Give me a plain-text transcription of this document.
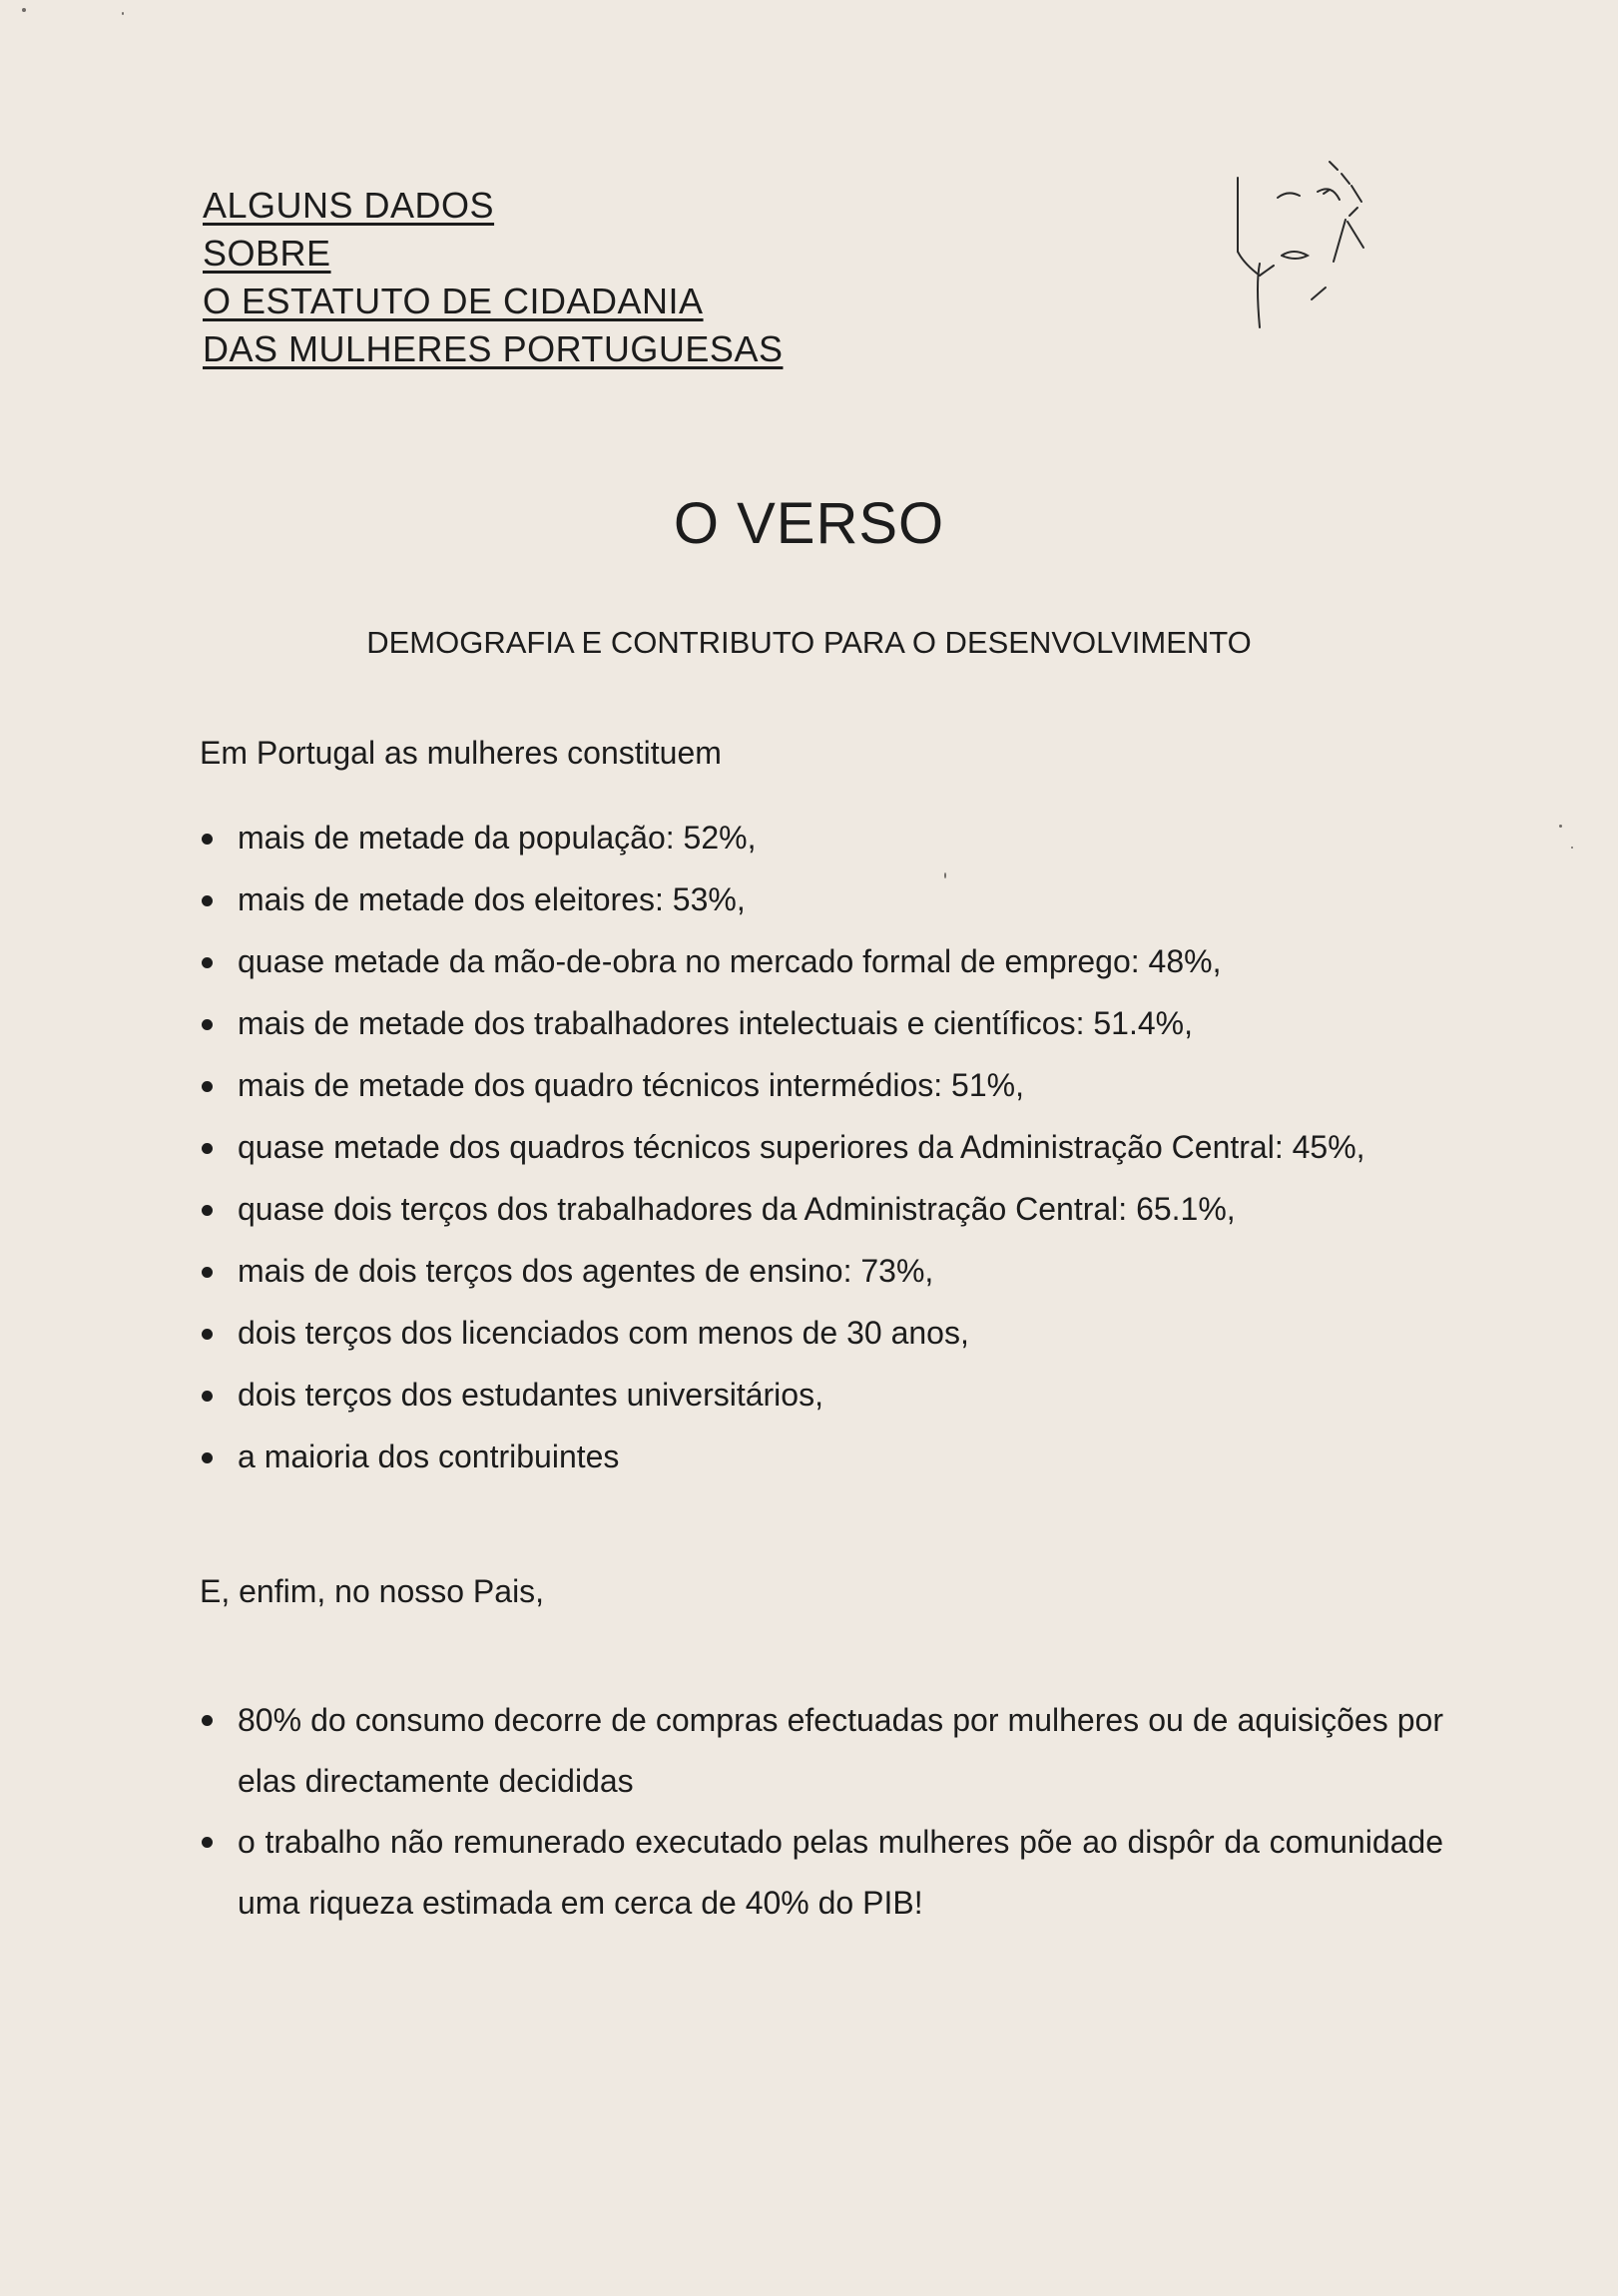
ALGUNS DADOS
SOBRE
O ESTATUTO DE CIDADANIA
DAS MULHERES PORTUGUESAS
O VERSO
DEMOGRAFIA E CONTRIBUTO PARA O DESENVOLVIMENTO
Em Portugal as mulheres constituem
mais de metade da população: 52%,
mais de metade dos eleitores: 53%,
quase metade da mão-de-obra no mercado formal de emprego: 48%,
mais de metade dos trabalhadores intelectuais e científicos: 51.4%,
mais de metade dos quadro técnicos intermédios: 51%,
quase metade dos quadros técnicos superiores da Administração Central: 45%,
quase dois terços dos trabalhadores da Administração Central: 65.1%,
mais de dois terços dos agentes de ensino: 73%,
dois terços dos licenciados com menos de 30 anos,
dois terços dos estudantes universitários,
a maioria dos contribuintes
E, enfim, no nosso Pais,
80% do consumo decorre de compras efectuadas por mulheres ou de aquisições por elas directamente decididas
o trabalho não remunerado executado pelas mulheres põe ao dispôr da comunidade uma riqueza estimada em cerca de 40% do PIB!
